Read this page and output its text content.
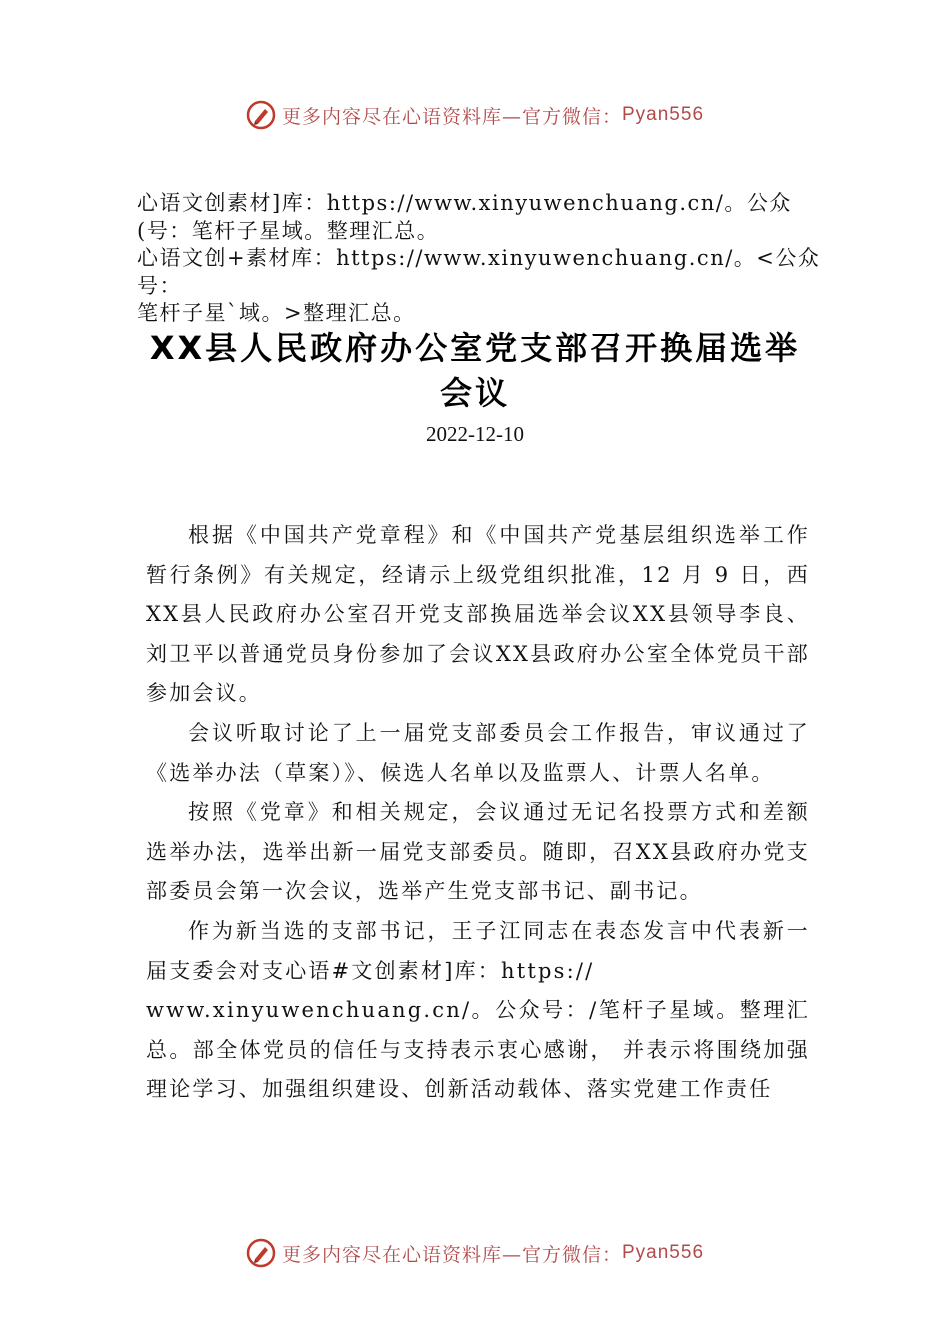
更多内容尽在心语资料库—官方微信： Pyan556

心语文创素材]库：https://www.xinyuwenchuang.cn/。公众

(号：笔杆子星域。整理汇总。

心语文创+素材库：https://www.xinyuwenchuang.cn/。<公众号：

笔杆子星`域。>整理汇总。

XX县人民政府办公室党支部召开换届选举

会议

2022-12-10

根据《中国共产党章程》和《中国共产党基层组织选举工作暂行条例》有关规定，经请示上级党组织批准，12 月 9 日，西XX县人民政府办公室召开党支部换届选举会议XX县领导李良、刘卫平以普通党员身份参加了会议XX县政府办公室全体党员干部参加会议。

会议听取讨论了上一届党支部委员会工作报告，审议通过了《选举办法（草案）》、候选人名单以及监票人、计票人名单。

按照《党章》和相关规定，会议通过无记名投票方式和差额选举办法，选举出新一届党支部委员。随即，召XX县政府办党支部委员会第一次会议，选举产生党支部书记、副书记。

作为新当选的支部书记，王子江同志在表态发言中代表新一届支委会对支心语#文创素材]库：https://

www.xinyuwenchuang.cn/。公众号：/笔杆子星域。整理汇总。部全体党员的信任与支持表示衷心感谢， 并表示将围绕加强理论学习、加强组织建设、创新活动载体、落实党建工作责任

更多内容尽在心语资料库—官方微信： Pyan556
